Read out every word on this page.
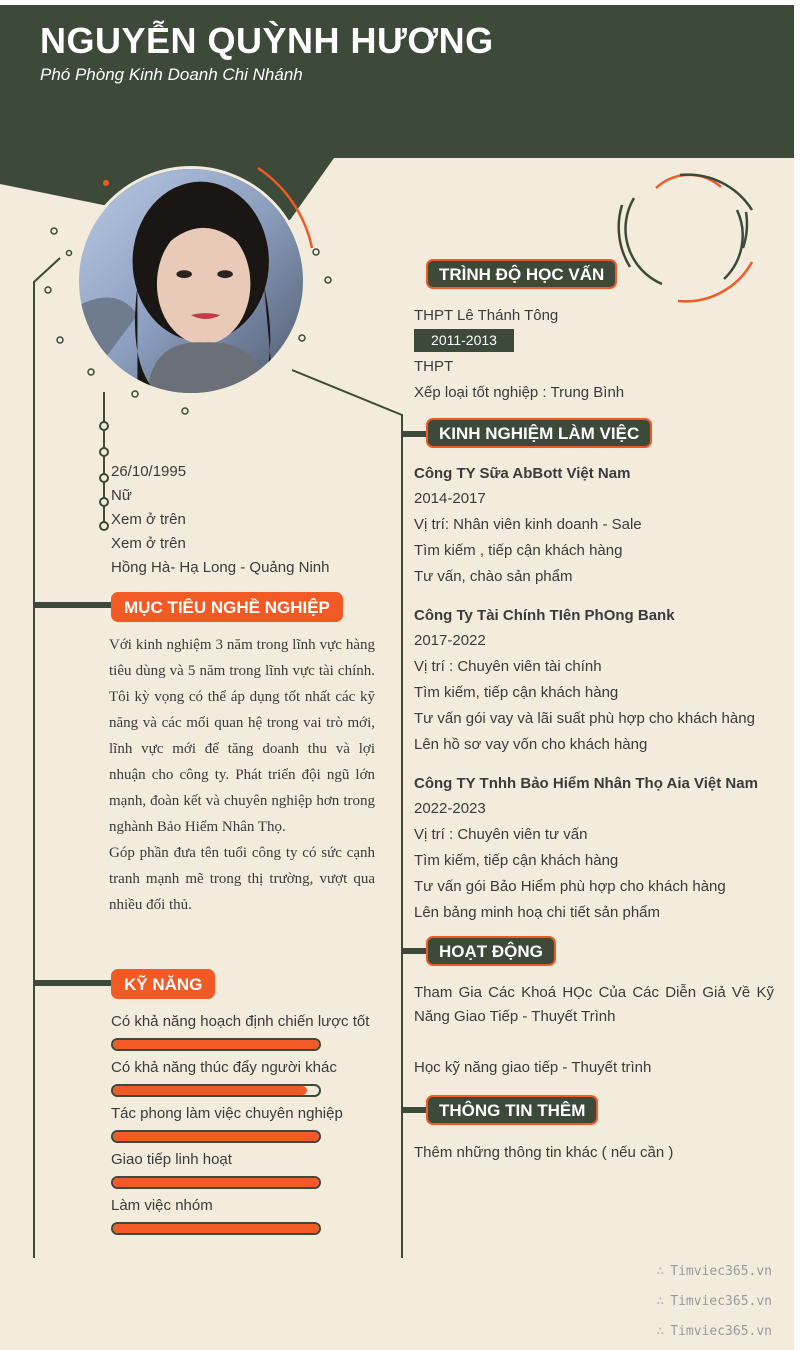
NGUYỄN QUỲNH HƯƠNG
Phó Phòng Kinh Doanh Chi Nhánh
26/10/1995
Nữ
Xem ở trên
Xem ở trên
Hồng Hà- Hạ Long - Quảng Ninh
MỤC TIÊU NGHỀ NGHIỆP

Với kinh nghiệm 3 năm trong lĩnh vực hàng tiêu dùng và 5 năm trong lĩnh vực tài chính. Tôi kỳ vọng có thể áp dụng tốt nhất các kỹ năng và các mối quan hệ trong vai trò mới, lĩnh vực mới để tăng doanh thu và lợi nhuận cho công ty. Phát triển đội ngũ lớn mạnh, đoàn kết và chuyên nghiệp hơn trong nghành Bảo Hiểm Nhân Thọ.

Góp phần đưa tên tuổi công ty có sức cạnh tranh mạnh mẽ trong thị trường, vượt qua nhiều đối thủ.

KỸ NĂNG
Có khả năng hoạch định chiến lược tốt
Có khả năng thúc đẩy người khác
Tác phong làm việc chuyên nghiệp
Giao tiếp linh hoạt
Làm việc nhóm
TRÌNH ĐỘ HỌC VẤN
THPT Lê Thánh Tông
2011-2013
THPT
Xếp loại tốt nghiệp : Trung Bình
KINH NGHIỆM LÀM VIỆC
Công TY Sữa AbBott Việt Nam
2014-2017
Vị trí: Nhân viên kinh doanh - Sale
Tìm kiếm , tiếp cận khách hàng
Tư vấn, chào sản phẩm
Công Ty Tài Chính TIên PhOng Bank
2017-2022
Vị trí : Chuyên viên tài chính
Tìm kiếm, tiếp cận khách hàng
Tư vấn gói vay và lãi suất phù hợp cho khách hàng
Lên hồ sơ vay vốn cho khách hàng
Công TY Tnhh Bảo Hiểm Nhân Thọ Aia Việt Nam
2022-2023
Vị trí : Chuyên viên tư vấn
Tìm kiếm, tiếp cận khách hàng
Tư vấn gói Bảo Hiểm phù hợp cho khách hàng
Lên bảng minh hoạ chi tiết sản phẩm
HOẠT ĐỘNG

Tham Gia Các Khoá HỌc Của Các Diễn Giả Về Kỹ Năng Giao Tiếp - Thuyết Trình

Học kỹ năng giao tiếp - Thuyết trình

THÔNG TIN THÊM
Thêm những thông tin khác ( nếu cần )
∴ Timviec365.vn
∴ Timviec365.vn
∴ Timviec365.vn
